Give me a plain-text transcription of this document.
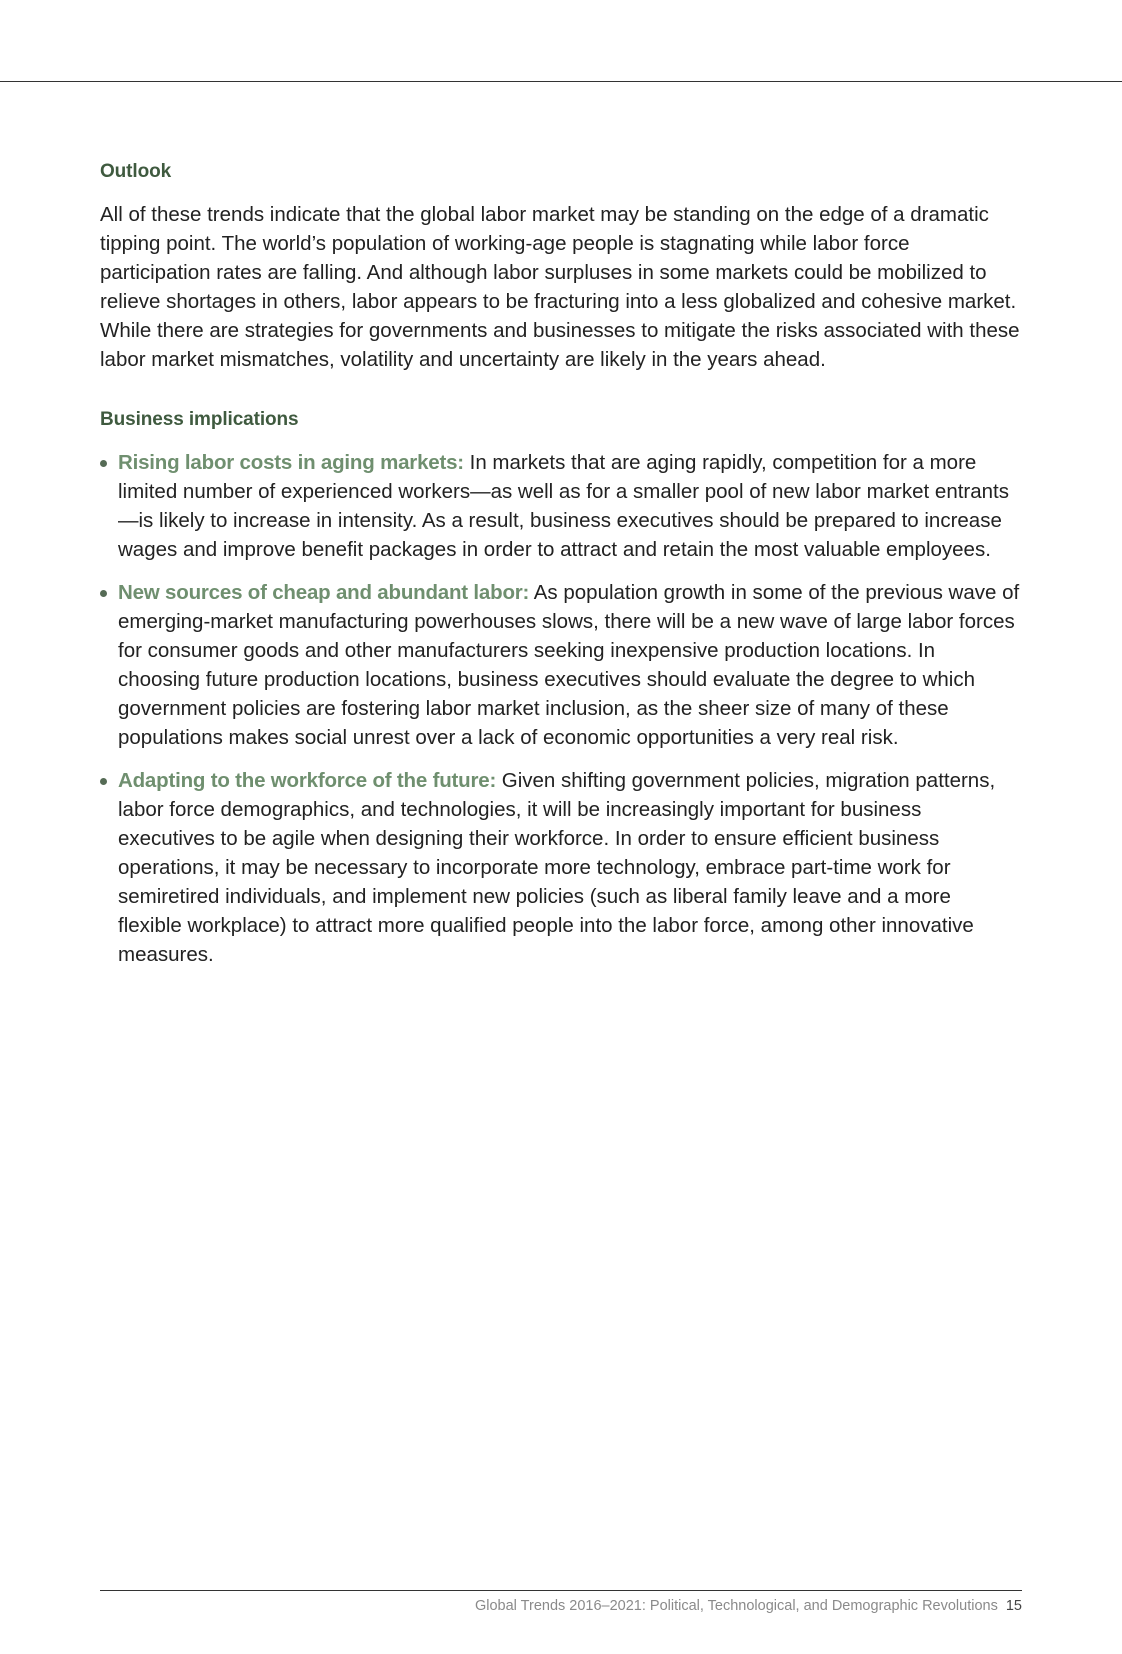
Outlook

All of these trends indicate that the global labor market may be standing on the edge of a dramatic tipping point. The world’s population of working-age people is stagnating while labor force participation rates are falling. And although labor surpluses in some markets could be mobilized to relieve shortages in others, labor appears to be fracturing into a less globalized and cohesive market. While there are strategies for governments and businesses to mitigate the risks associated with these labor market mismatches, volatility and uncertainty are likely in the years ahead.

Business implications
Rising labor costs in aging markets: In markets that are aging rapidly, competition for a more limited number of experienced workers—as well as for a smaller pool of new labor market entrants—is likely to increase in intensity. As a result, business executives should be prepared to increase wages and improve benefit packages in order to attract and retain the most valuable employees.
New sources of cheap and abundant labor: As population growth in some of the previous wave of emerging-market manufacturing powerhouses slows, there will be a new wave of large labor forces for consumer goods and other manufacturers seeking inexpensive production locations. In choosing future production locations, business executives should evaluate the degree to which government policies are fostering labor market inclusion, as the sheer size of many of these populations makes social unrest over a lack of economic opportunities a very real risk.
Adapting to the workforce of the future: Given shifting government policies, migration patterns, labor force demographics, and technologies, it will be increasingly important for business executives to be agile when designing their workforce. In order to ensure efficient business operations, it may be necessary to incorporate more technology, embrace part-time work for semiretired individuals, and implement new policies (such as liberal family leave and a more flexible workplace) to attract more qualified people into the labor force, among other innovative measures.
Global Trends 2016–2021: Political, Technological, and Demographic Revolutions 15
